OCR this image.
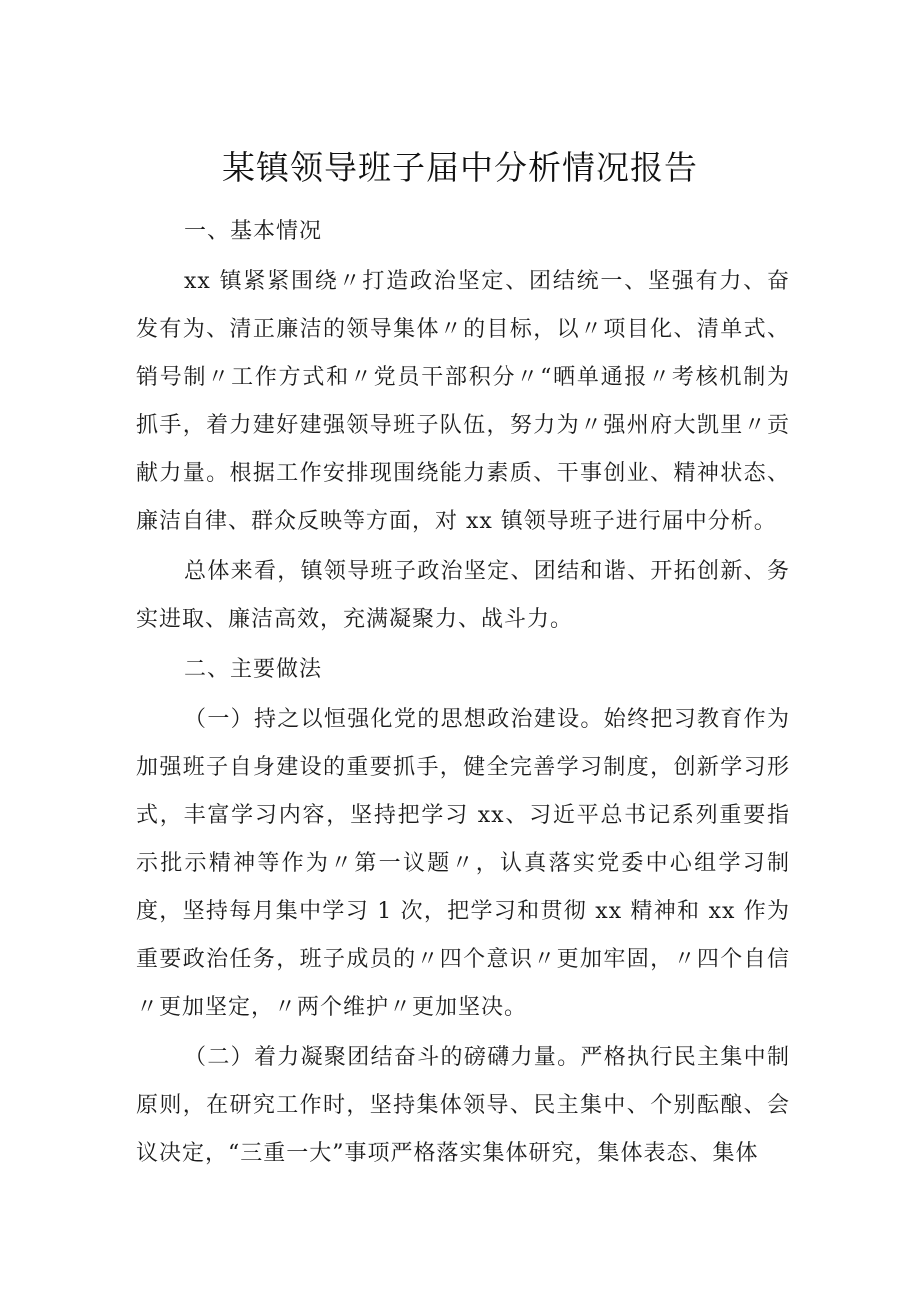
某镇领导班子届中分析情况报告

一、基本情况

xx 镇紧紧围绕〃打造政治坚定、团结统一、坚强有力、奋发有为、清正廉洁的领导集体〃的目标，以〃项目化、清单式、销号制〃工作方式和〃党员干部积分〃“晒单通报〃考核机制为抓手，着力建好建强领导班子队伍，努力为〃强州府大凯里〃贡献力量。根据工作安排现围绕能力素质、干事创业、精神状态、廉洁自律、群众反映等方面，对 xx 镇领导班子进行届中分析。

总体来看，镇领导班子政治坚定、团结和谐、开拓创新、务实进取、廉洁高效，充满凝聚力、战斗力。

二、主要做法

（一）持之以恒强化党的思想政治建设。始终把习教育作为加强班子自身建设的重要抓手，健全完善学习制度，创新学习形式，丰富学习内容，坚持把学习 xx、习近平总书记系列重要指示批示精神等作为〃第一议题〃，认真落实党委中心组学习制度，坚持每月集中学习 1 次，把学习和贯彻 xx 精神和 xx 作为重要政治任务，班子成员的〃四个意识〃更加牢固，〃四个自信〃更加坚定，〃两个维护〃更加坚决。

（二）着力凝聚团结奋斗的磅礴力量。严格执行民主集中制原则，在研究工作时，坚持集体领导、民主集中、个别酝酿、会议决定，“三重一大”事项严格落实集体研究，集体表态、集体
